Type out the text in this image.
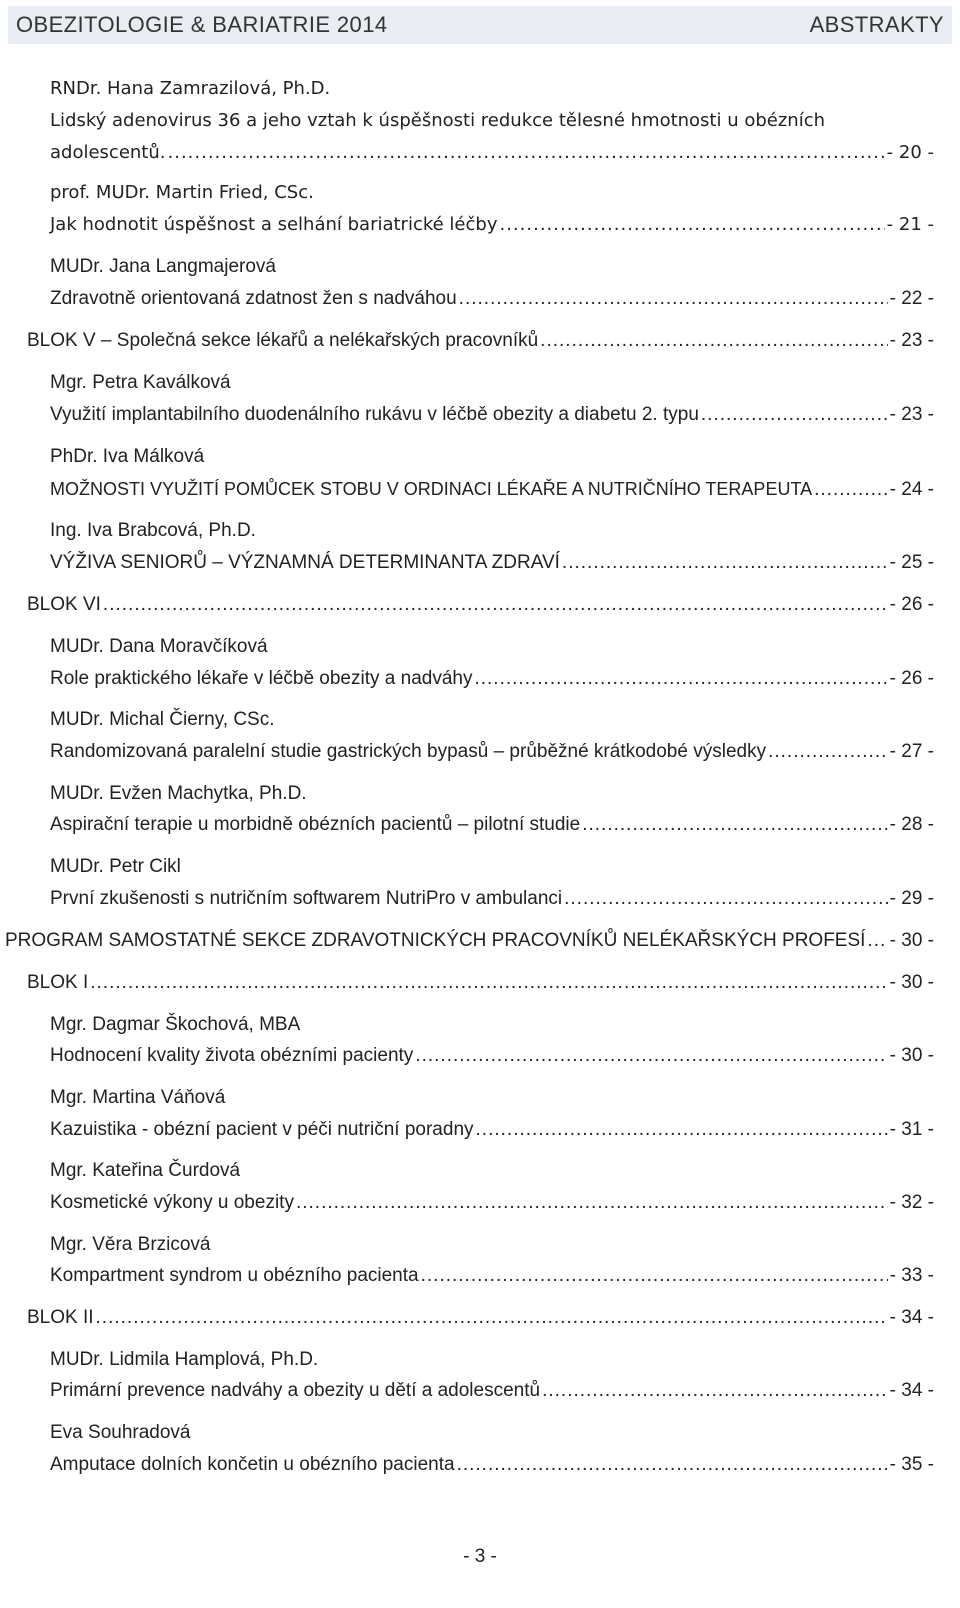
OBEZITOLOGIE & BARIATRIE 2014	ABSTRAKTY
RNDr. Hana Zamrazilová, Ph.D.
Lidský adenovirus 36 a jeho vztah k úspěšnosti redukce tělesné hmotnosti u obézních
adolescentů. .....	- 20 -
prof. MUDr. Martin Fried, CSc.
Jak hodnotit úspěšnost a selhání bariatrické léčby .....	- 21 -
MUDr. Jana Langmajerová
Zdravotně orientovaná zdatnost žen s nadváhou .....	- 22 -
BLOK V – Společná sekce lékařů a nelékařských pracovníků .....	- 23 -
Mgr. Petra Kaválková
Využití implantabilního duodenálního rukávu v léčbě obezity a diabetu 2. typu .....	- 23 -
PhDr. Iva Málková
MOŽNOSTI VYUŽITÍ POMŮCEK STOBU V ORDINACI LÉKAŘE A NUTRIČNÍHO TERAPEUTA .....	- 24 -
Ing. Iva Brabcová, Ph.D.
VÝŽIVA SENIORŮ – VÝZNAMNÁ DETERMINANTA ZDRAVÍ .....	- 25 -
BLOK VI .....	- 26 -
MUDr. Dana Moravčíková
Role praktického lékaře v léčbě obezity a nadváhy .....	- 26 -
MUDr. Michal Čierny, CSc.
Randomizovaná paralelní studie gastrických bypasů – průběžné krátkodobé výsledky .....	- 27 -
MUDr. Evžen Machytka, Ph.D.
Aspirační terapie u morbidně obézních pacientů – pilotní studie .....	- 28 -
MUDr. Petr Cikl
První zkušenosti s nutričním softwarem NutriPro v ambulanci .....	- 29 -
PROGRAM SAMOSTATNÉ SEKCE ZDRAVOTNICKÝCH PRACOVNÍKŮ NELÉKAŘSKÝCH PROFESÍ ..... - 30 -
BLOK I .....	- 30 -
Mgr. Dagmar Škochová, MBA
Hodnocení kvality života obézními pacienty .....	- 30 -
Mgr. Martina Váňová
Kazuistika - obézní pacient v péči nutriční poradny .....	- 31 -
Mgr. Kateřina Čurdová
Kosmetické výkony u obezity .....	- 32 -
Mgr. Věra Brzicová
Kompartment syndrom u obézního pacienta .....	- 33 -
BLOK II .....	- 34 -
MUDr. Lidmila Hamplová, Ph.D.
Primární prevence nadváhy a obezity u dětí a adolescentů .....	- 34 -
Eva Souhradová
Amputace dolních končetin u obézního pacienta .....	- 35 -
- 3 -
